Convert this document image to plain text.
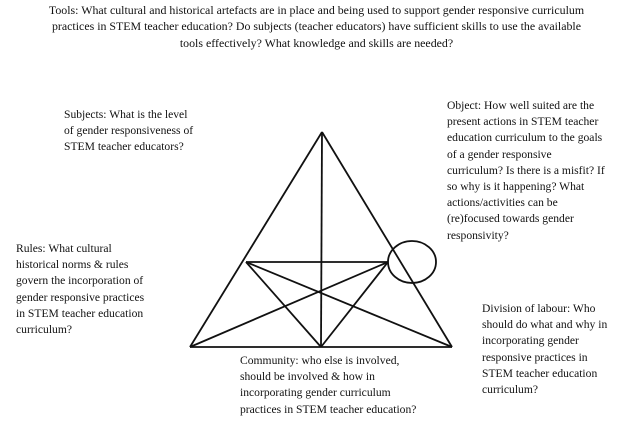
Tools: What cultural and historical artefacts are in place and being used to support gender responsive curriculum
practices in STEM teacher education? Do subjects (teacher educators) have sufficient skills to use the available
tools effectively? What knowledge and skills are needed?

Subjects: What is the level
of gender responsiveness of
STEM teacher educators?

Object: How well suited are the
present actions in STEM teacher
education curriculum to the goals
of a gender responsive
curriculum? Is there is a misfit? If
so why is it happening? What
actions/activities can be
(re)focused towards gender
responsivity?

Rules: What cultural
historical norms & rules
govern the incorporation of
gender responsive practices
in STEM teacher education
curriculum?

Division of labour: Who
should do what and why in
incorporating gender
responsive practices in
STEM teacher education
curriculum?

Community: who else is involved,
should be involved & how in
incorporating gender curriculum
practices in STEM teacher education?
